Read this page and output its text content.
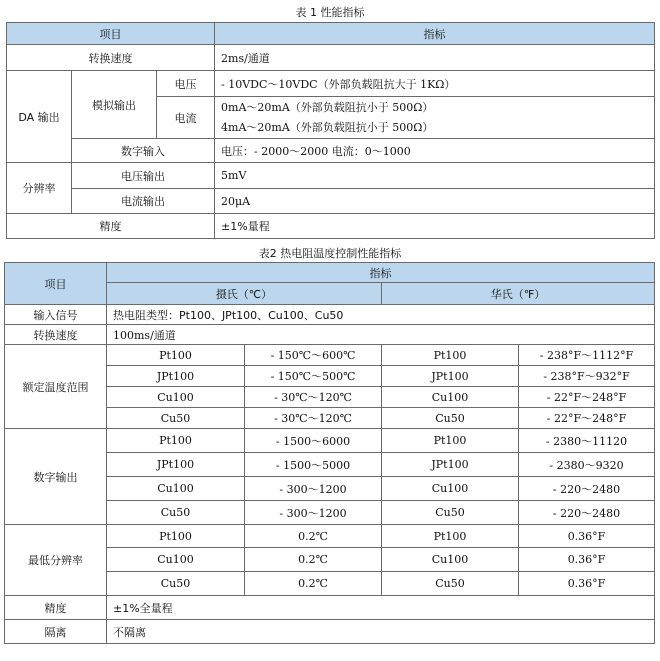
表 1 性能指标
项目			指标
转换速度			2ms/通道
DA 输出	模拟输出	电压	- 10VDC～10VDC（外部负载阻抗大于 1KΩ）
		电流	0mA～20mA（外部负载阻抗小于 500Ω）
4mA～20mA（外部负载阻抗小于 500Ω）

	数字输入		电压：- 2000～2000 电流：0～1000
分辨率	电压输出		5mV
	电流输出		20μA
精度			±1%量程
表2 热电阻温度控制性能指标
项目	指标			
	摄氏（℃）		华氏（℉）	
输入信号	热电阻类型：Pt100、JPt100、Cu100、Cu50			
转换速度	100ms/通道			
额定温度范围	Pt100	- 150℃～600℃	Pt100	- 238°F～1112°F
	JPt100	- 150℃～500℃	JPt100	- 238°F～932°F
	Cu100	- 30℃～120℃	Cu100	- 22°F～248°F
	Cu50	- 30℃～120℃	Cu50	- 22°F～248°F
数字输出	Pt100	- 1500～6000	Pt100	- 2380～11120
	JPt100	- 1500～5000	JPt100	- 2380～9320
	Cu100	- 300～1200	Cu100	- 220～2480
	Cu50	- 300～1200	Cu50	- 220～2480
最低分辨率	Pt100	0.2℃	Pt100	0.36°F
	Cu100	0.2℃	Cu100	0.36°F
	Cu50	0.2℃	Cu50	0.36°F
精度	±1%全量程			
隔离	不隔离			
